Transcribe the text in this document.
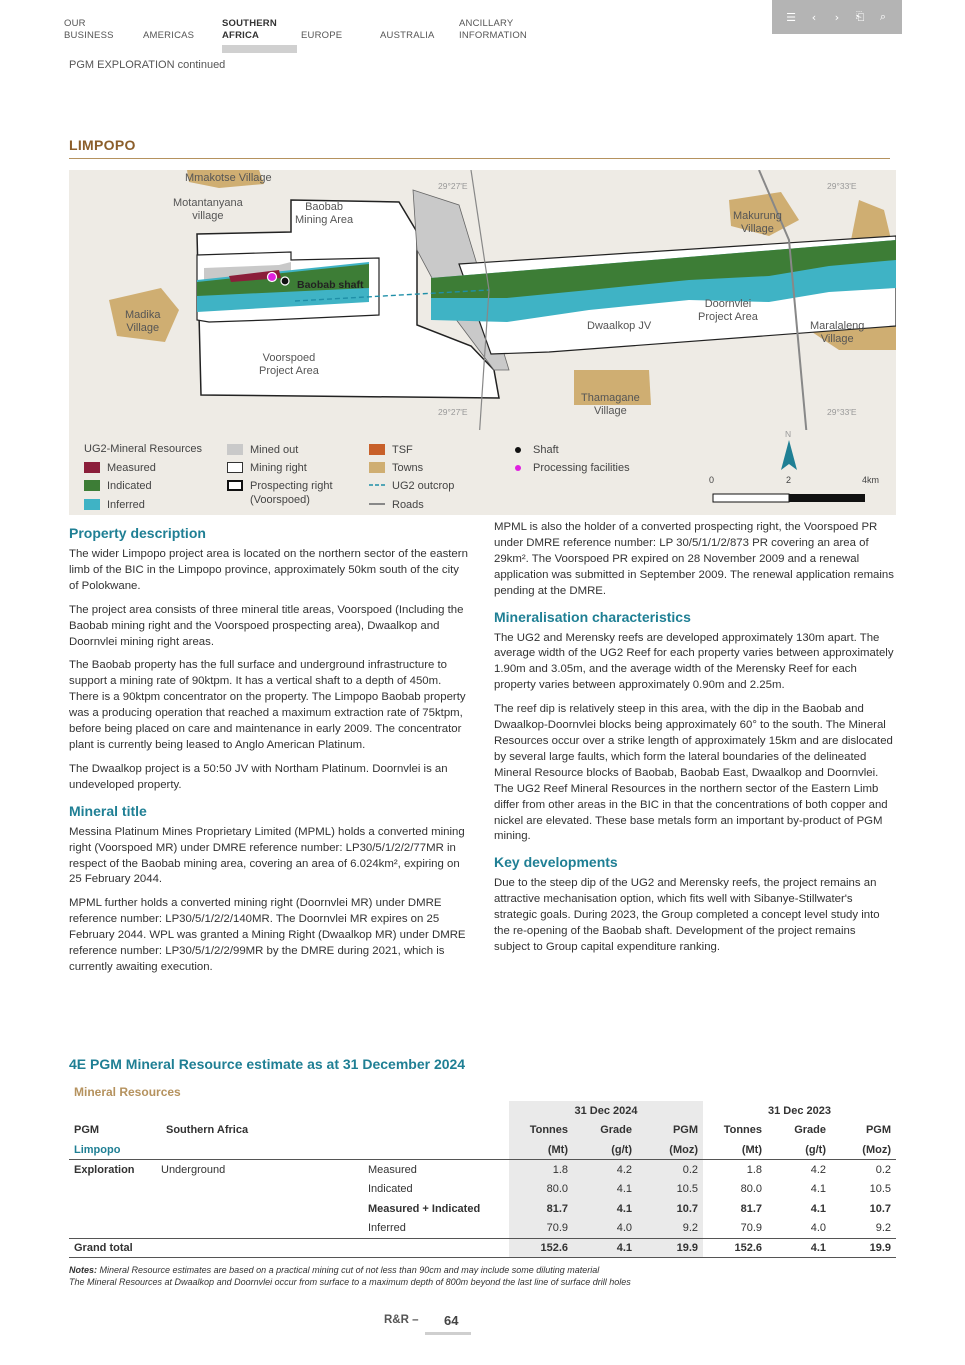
OUR
BUSINESS	AMERICAS
SOUTHERN
AFRICA	EUROPE	AUSTRALIA
ANCILLARY
INFORMATION
☰	‹	›	⎗ ⌕
PGM EXPLORATION continued
LIMPOPO
Mmakotse Village
Motantanyana
village
Baobab
Mining Area
Baobab shaft
Madika
Village
Voorspoed
Project Area
Dwaalkop JV
Doornvlei
Project Area
Makurung
Village
Maralaleng
Village
Thamagane
Village
29°27'E	29°33'E
29°27'E	29°33'E
N
UG2-Mineral Resources
Measured
Indicated
Inferred
Mined out
Mining right
Prospecting right
(Voorspoed)
TSF
Towns
UG2 outcrop
Roads
Shaft
Processing facilities
0	2	4km
Property description

The wider Limpopo project area is located on the northern sector of the eastern limb of the BIC in the Limpopo province, approximately 50km south of the city of Polokwane.

The project area consists of three mineral title areas, Voorspoed (Including the Baobab mining right and the Voorspoed prospecting area), Dwaalkop and Doornvlei mining right areas.

The Baobab property has the full surface and underground infrastructure to support a mining rate of 90ktpm. It has a vertical shaft to a depth of 450m. There is a 90ktpm concentrator on the property. The Limpopo Baobab property was a producing operation that reached a maximum extraction rate of 75ktpm, before being placed on care and maintenance in early 2009. The concentrator plant is currently being leased to Anglo American Platinum.

The Dwaalkop project is a 50:50 JV with Northam Platinum. Doornvlei is an undeveloped property.

Mineral title

Messina Platinum Mines Proprietary Limited (MPML) holds a converted mining right (Voorspoed MR) under DMRE reference number: LP30/5/1/2/2/77MR in respect of the Baobab mining area, covering an area of 6.024km², expiring on 25 February 2044.

MPML further holds a converted mining right (Doornvlei MR) under DMRE reference number: LP30/5/1/2/2/140MR. The Doornvlei MR expires on 25 February 2044. WPL was granted a Mining Right (Dwaalkop MR) under DMRE reference number: LP30/5/1/2/2/99MR by the DMRE during 2021, which is currently awaiting execution.

MPML is also the holder of a converted prospecting right, the Voorspoed PR under DMRE reference number: LP 30/5/1/1/2/873 PR covering an area of 29km². The Voorspoed PR expired on 28 November 2009 and a renewal application was submitted in September 2009. The renewal application remains pending at the DMRE.

Mineralisation characteristics

The UG2 and Merensky reefs are developed approximately 130m apart. The average width of the UG2 Reef for each property varies between approximately 1.90m and 3.05m, and the average width of the Merensky Reef for each property varies between approximately 0.90m and 2.25m.

The reef dip is relatively steep in this area, with the dip in the Baobab and Dwaalkop-Doornvlei blocks being approximately 60° to the south. The Mineral Resources occur over a strike length of approximately 15km and are dislocated by several large faults, which form the lateral boundaries of the delineated Mineral Resource blocks of Baobab, Baobab East, Dwaalkop and Doornvlei. The UG2 Reef Mineral Resources in the northern sector of the Eastern Limb differ from other areas in the BIC in that the concentrations of both copper and nickel are elevated. These base metals form an important by-product of PGM mining.

Key developments

Due to the steep dip of the UG2 and Merensky reefs, the project remains an attractive mechanisation option, which fits well with Sibanye-Stillwater's strategic goals. During 2023, the Group completed a concept level study into the re-opening of the Baobab shaft. Development of the project remains subject to Group capital expenditure ranking.

4E PGM Mineral Resource estimate as at 31 December 2024
Mineral Resources
				31 Dec 2024			31 Dec 2023		
PGM	Southern Africa			Tonnes	Grade	PGM	Tonnes	Grade	PGM
Limpopo				(Mt)	(g/t)	(Moz)	(Mt)	(g/t)	(Moz)
Exploration	Underground		Measured	1.8	4.2	0.2	1.8	4.2	0.2
			Indicated	80.0	4.1	10.5	80.0	4.1	10.5
			Measured + Indicated	81.7	4.1	10.7	81.7	4.1	10.7
			Inferred	70.9	4.0	9.2	70.9	4.0	9.2
Grand total				152.6	4.1	19.9	152.6	4.1	19.9
Notes: Mineral Resource estimates are based on a practical mining cut of not less than 90cm and may include some diluting material
The Mineral Resources at Dwaalkop and Doornvlei occur from surface to a maximum depth of 800m beyond the last line of surface drill holes
R&R – 64
